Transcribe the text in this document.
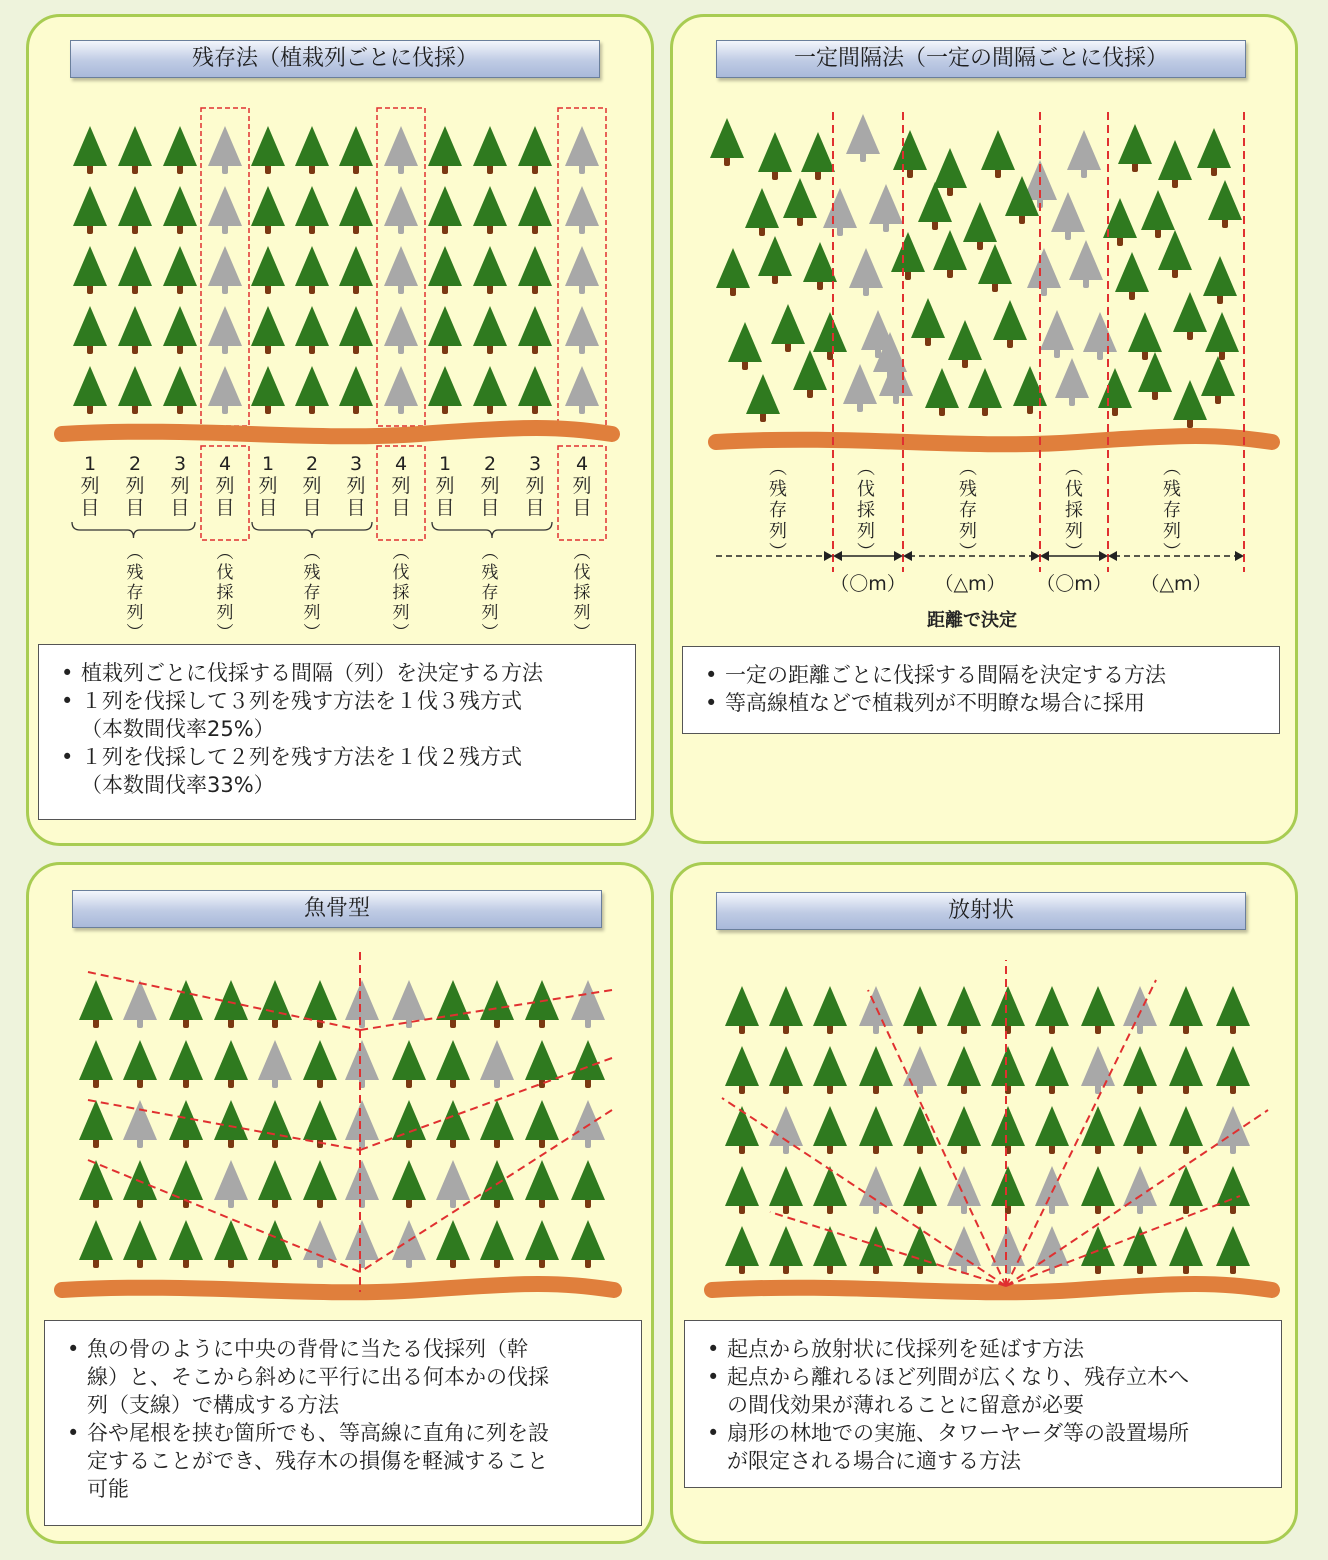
残存法（植栽列ごとに伐採）
1
列
目
2
列
目
3
列
目
4
列
目
1
列
目
2
列
目
3
列
目
4
列
目
1
列
目
2
列
目
3
列
目
4
列
目
︵
残
存
列
︶
︵
伐
採
列
︶
︵
残
存
列
︶
︵
伐
採
列
︶
︵
残
存
列
︶
︵
伐
採
列
︶
• 植栽列ごとに伐採する間隔（列）を決定する方法
• １列を伐採して３列を残す方法を１伐３残方式
（本数間伐率25%）
• １列を伐採して２列を残す方法を１伐２残方式
（本数間伐率33%）
一定間隔法（一定の間隔ごとに伐採）
︵
残
存
列
︶
︵
伐
採
列
︶
︵
残
存
列
︶
︵
伐
採
列
︶
︵
残
存
列
︶
（〇m） （△m） （〇m） （△m）
距離で決定
• 一定の距離ごとに伐採する間隔を決定する方法
• 等高線植などで植栽列が不明瞭な場合に採用
魚骨型
• 魚の骨のように中央の背骨に当たる伐採列（幹
線）と、そこから斜めに平行に出る何本かの伐採
列（支線）で構成する方法
• 谷や尾根を挟む箇所でも、等高線に直角に列を設
定することができ、残存木の損傷を軽減すること
可能
放射状
• 起点から放射状に伐採列を延ばす方法
• 起点から離れるほど列間が広くなり、残存立木へ
の間伐効果が薄れることに留意が必要
• 扇形の林地での実施、タワーヤーダ等の設置場所
が限定される場合に適する方法
